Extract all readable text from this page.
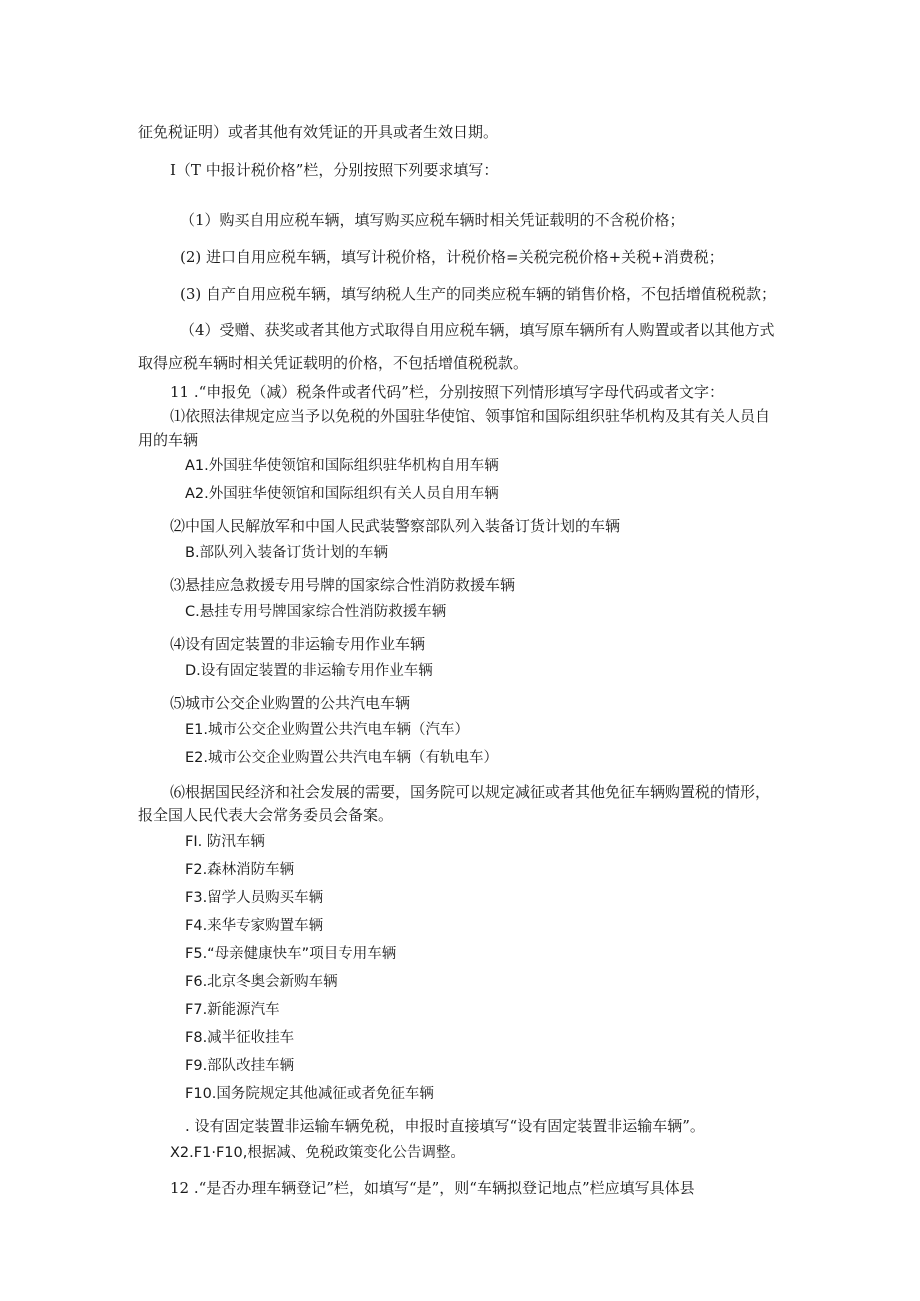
征免税证明）或者其他有效凭证的开具或者生效日期。
I（T 中报计税价格”栏，分别按照下列要求填写：
（1）购买自用应税车辆，填写购买应税车辆时相关凭证载明的不含税价格；
(2) 进口自用应税车辆，填写计税价格，计税价格=关税完税价格+关税+消费税；
(3) 自产自用应税车辆，填写纳税人生产的同类应税车辆的销售价格，不包括增值税税款；
（4）受赠、获奖或者其他方式取得自用应税车辆，填写原车辆所有人购置或者以其他方式
取得应税车辆时相关凭证载明的价格，不包括增值税税款。
11 .“申报免（减）税条件或者代码”栏，分别按照下列情形填写字母代码或者文字：
⑴依照法律规定应当予以免税的外国驻华使馆、领事馆和国际组织驻华机构及其有关人员自
用的车辆
A1.外国驻华使领馆和国际组织驻华机构自用车辆
A2.外国驻华使领馆和国际组织有关人员自用车辆
⑵中国人民解放军和中国人民武装警察部队列入装备订货计划的车辆
B.部队列入装备订货计划的车辆
⑶悬挂应急救援专用号牌的国家综合性消防救援车辆
C.悬挂专用号牌国家综合性消防救援车辆
⑷设有固定装置的非运输专用作业车辆
D.设有固定装置的非运输专用作业车辆
⑸城市公交企业购置的公共汽电车辆
E1.城市公交企业购置公共汽电车辆（汽车）
E2.城市公交企业购置公共汽电车辆（有轨电车）
⑹根据国民经济和社会发展的需要，国务院可以规定减征或者其他免征车辆购置税的情形，
报全国人民代表大会常务委员会备案。
FI. 防汛车辆
F2.森林消防车辆
F3.留学人员购买车辆
F4.来华专家购置车辆
F5.“母亲健康快车”项目专用车辆
F6.北京冬奥会新购车辆
F7.新能源汽车
F8.减半征收挂车
F9.部队改挂车辆
F10.国务院规定其他减征或者免征车辆
. 设有固定装置非运输车辆免税，申报时直接填写“设有固定装置非运输车辆”。
X2.F1·F10,根据减、免税政策变化公告调整。
12 .“是否办理车辆登记”栏，如填写“是”，则“车辆拟登记地点”栏应填写具体县
